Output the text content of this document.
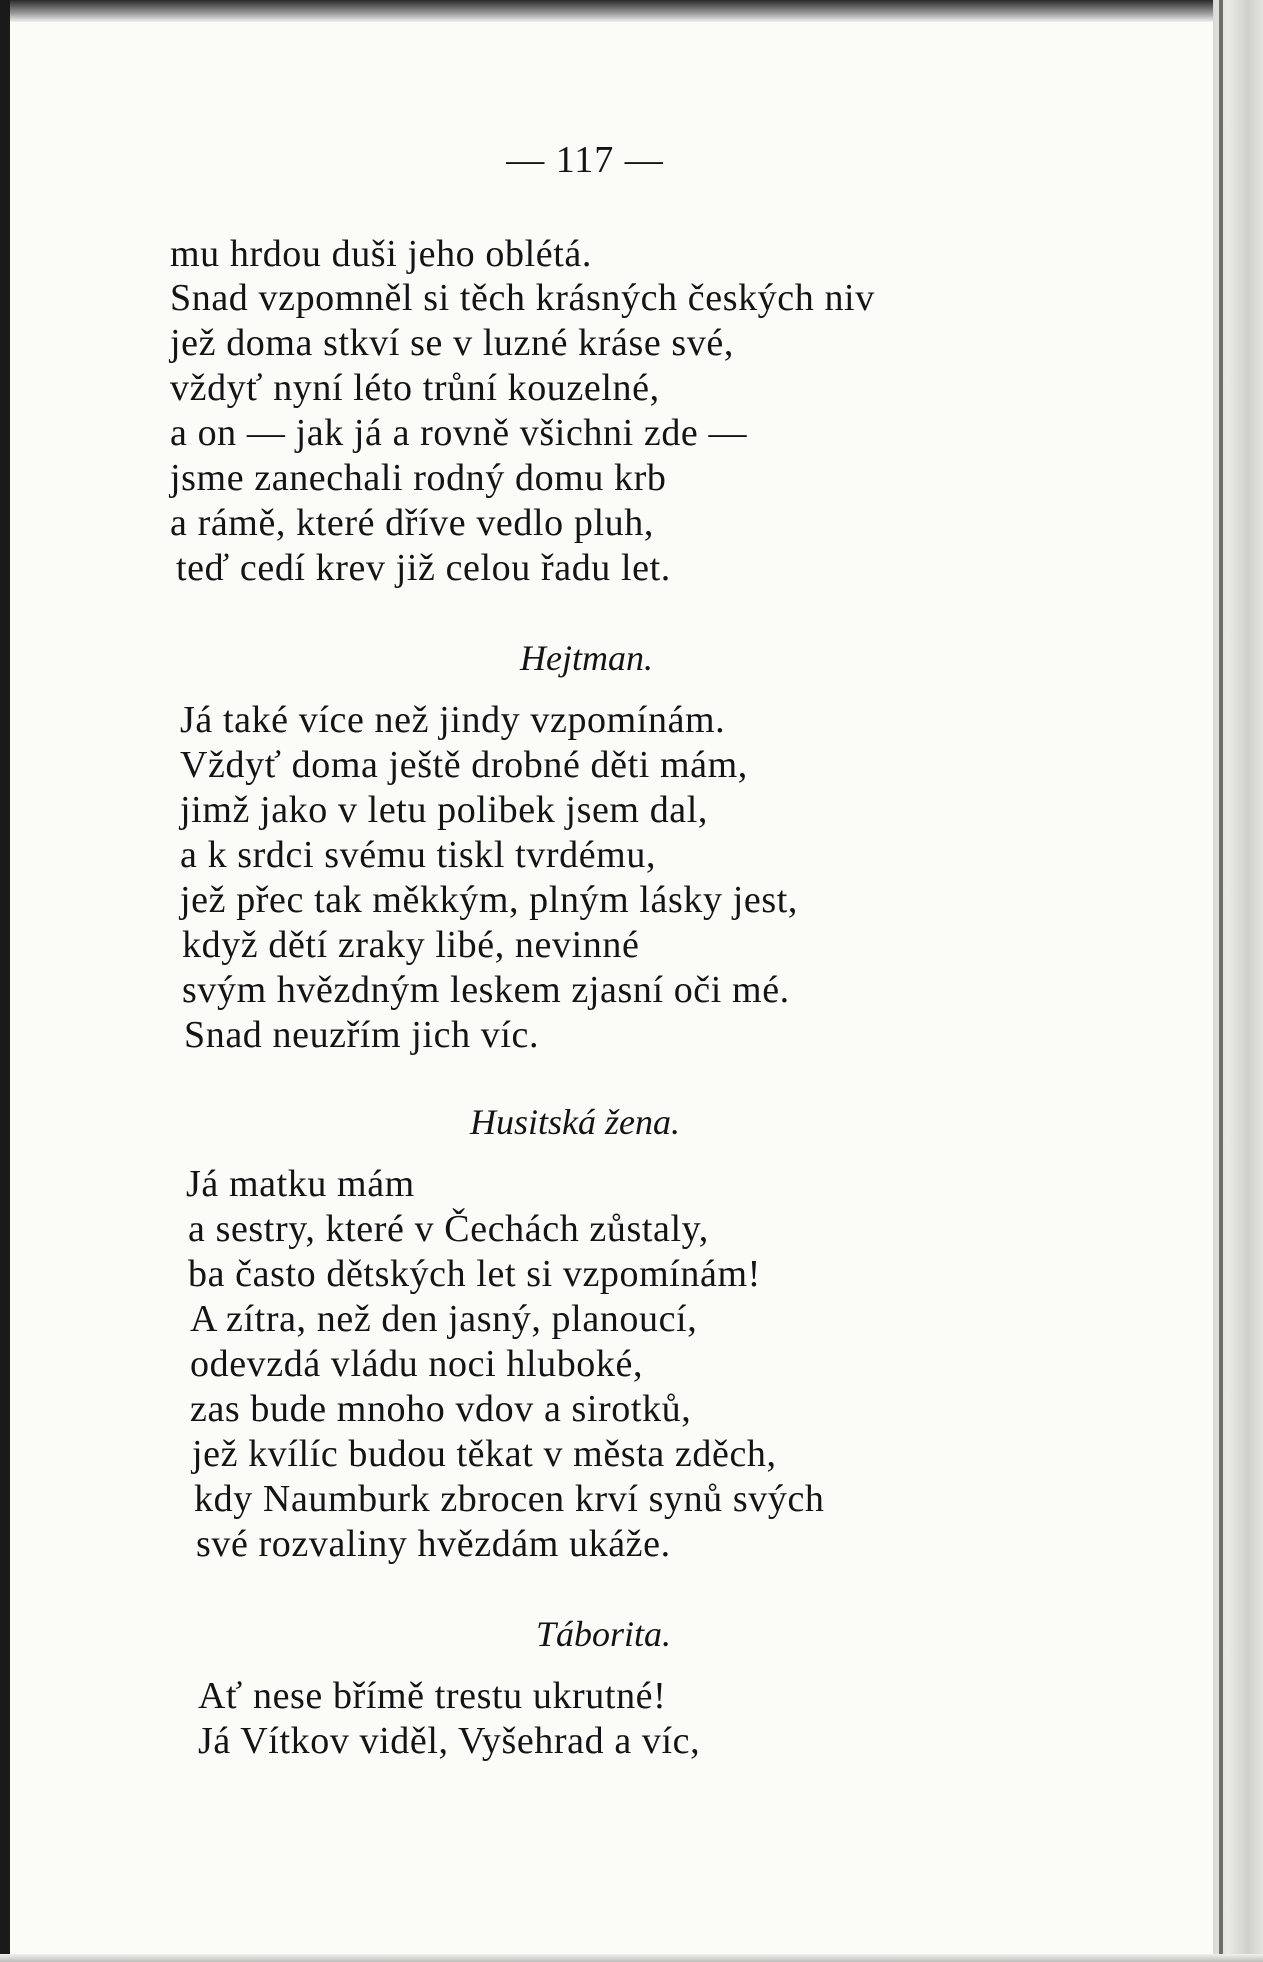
— 117 —
mu hrdou duši jeho oblétá.
Snad vzpomněl si těch krásných českých niv
jež doma stkví se v luzné kráse své,
vždyť nyní léto trůní kouzelné,
a on — jak já a rovně všichni zde —
jsme zanechali rodný domu krb
a rámě, které dříve vedlo pluh,
teď cedí krev již celou řadu let.
Hejtman.
Já také více než jindy vzpomínám.
Vždyť doma ještě drobné děti mám,
jimž jako v letu polibek jsem dal,
a k srdci svému tiskl tvrdému,
jež přec tak měkkým, plným lásky jest,
když dětí zraky libé, nevinné
svým hvězdným leskem zjasní oči mé.
Snad neuzřím jich víc.
Husitská žena.
Já matku mám
a sestry, které v Čechách zůstaly,
ba často dětských let si vzpomínám!
A zítra, než den jasný, planoucí,
odevzdá vládu noci hluboké,
zas bude mnoho vdov a sirotků,
jež kvílíc budou těkat v města zděch,
kdy Naumburk zbrocen krví synů svých
své rozvaliny hvězdám ukáže.
Táborita.
Ať nese břímě trestu ukrutné!
Já Vítkov viděl, Vyšehrad a víc,
